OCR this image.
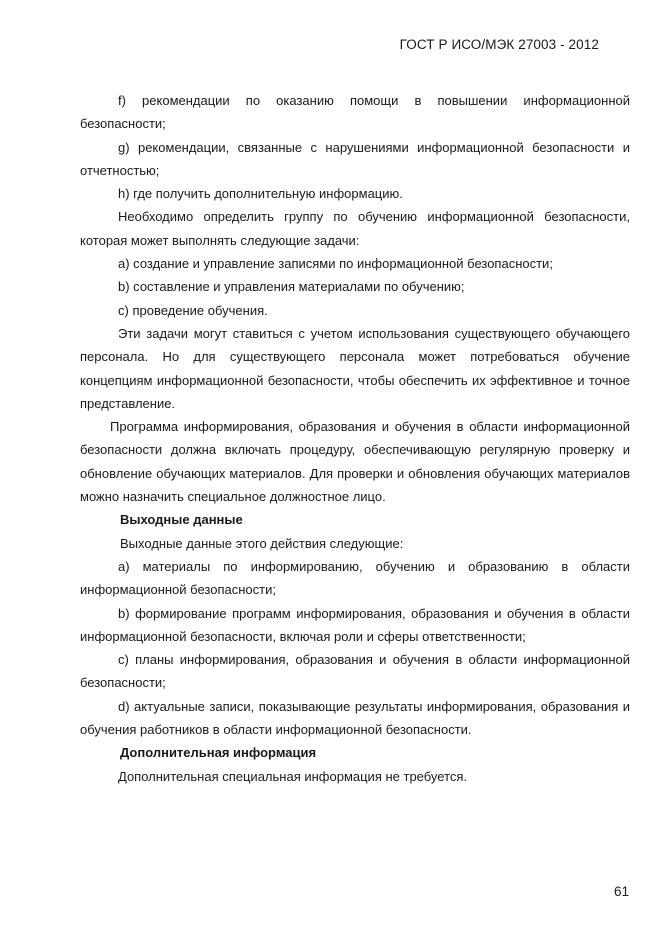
ГОСТ Р ИСО/МЭК 27003 - 2012

f) рекомендации по оказанию помощи в повышении информационной безопасности;

g) рекомендации, связанные с нарушениями информационной безопасности и отчетностью;

h) где получить дополнительную информацию.

Необходимо определить группу по обучению информационной безопасности, которая может выполнять следующие задачи:

a) создание и управление записями по информационной безопасности;

b) составление и управления материалами по обучению;

c) проведение обучения.

Эти задачи могут ставиться с учетом использования существующего обучающего персонала. Но для существующего персонала может потребоваться обучение концепциям информационной безопасности, чтобы обеспечить их эффективное и точное представление.

Программа информирования, образования и обучения в области информационной безопасности должна включать процедуру, обеспечивающую регулярную проверку и обновление обучающих материалов. Для проверки и обновления обучающих материалов можно назначить специальное должностное лицо.

Выходные данные

Выходные данные этого действия следующие:

a) материалы по информированию, обучению и образованию в области информационной безопасности;

b) формирование программ информирования, образования и обучения в области информационной безопасности, включая роли и сферы ответственности;

c) планы информирования, образования и обучения в области информационной безопасности;

d) актуальные записи, показывающие результаты информирования, образования и обучения работников в области информационной безопасности.

Дополнительная информация

Дополнительная специальная информация не требуется.

61
